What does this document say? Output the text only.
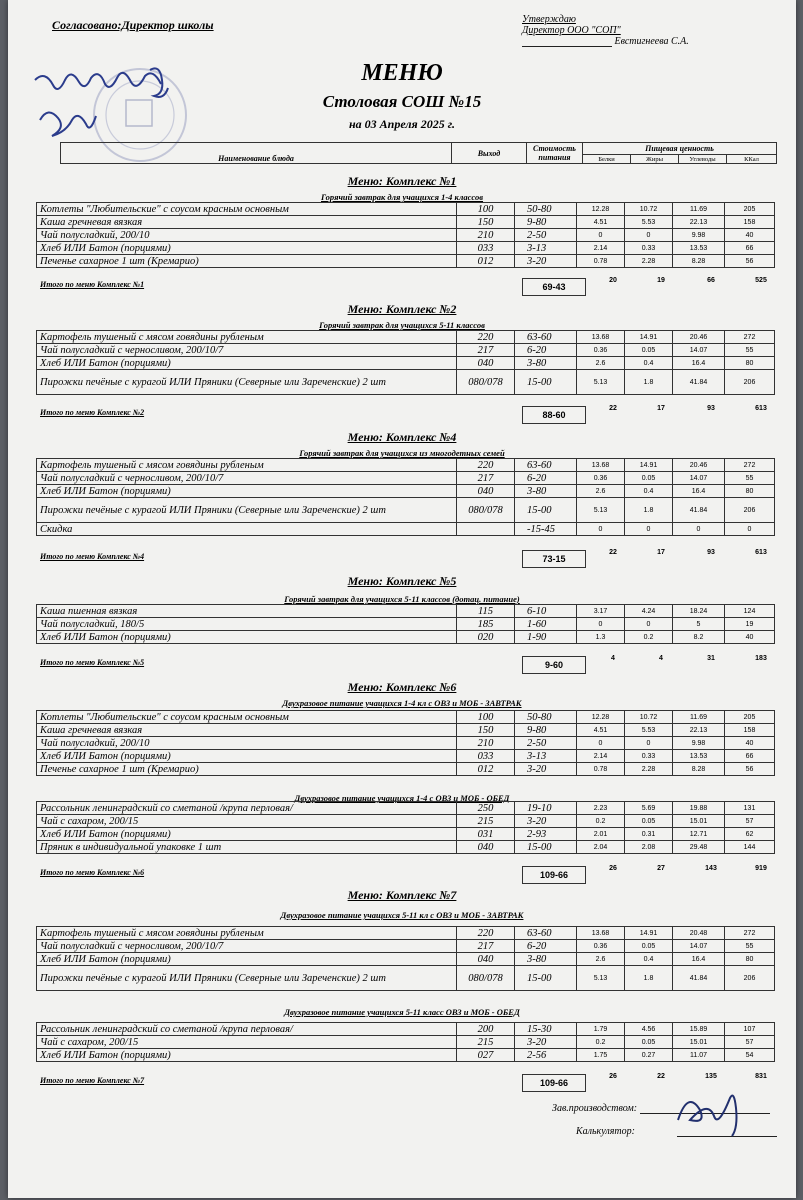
Согласовано:Директор школы	Утверждаю
Директор ООО "СОП"
Евстигнеева С.А.
МЕНЮ
Столовая СОШ №15
на 03 Апреля 2025 г.
Наименование блюда	Выход	Стоимость питания	Пищевая ценность			
			Белки	Жиры	Углеводы	ККал
Меню: Комплекс №1
Горячий завтрак для учащихся 1-4 классов
Котлеты "Любительские" с соусом красным основным	100	50-80	12.28	10.72	11.69	205
Каша гречневая вязкая	150	9-80	4.51	5.53	22.13	158
Чай полусладкий, 200/10	210	2-50	0	0	9.98	40
Хлеб ИЛИ Батон (порциями)	033	3-13	2.14	0.33	13.53	66
Печенье сахарное 1 шт (Кремарио)	012	3-20	0.78	2.28	8.28	56
Итого по меню Комплекс №1	69-43
20	19	66	525
Меню: Комплекс №2
Горячий завтрак для учащихся 5-11 классов
Картофель тушеный с мясом говядины рубленым	220	63-60	13.68	14.91	20.46	272
Чай полусладкий с черносливом, 200/10/7	217	6-20	0.36	0.05	14.07	55
Хлеб ИЛИ Батон (порциями)	040	3-80	2.6	0.4	16.4	80
Пирожки печёные с курагой ИЛИ Пряники (Северные или Зареченские) 2 шт	080/078	15-00	5.13	1.8	41.84	206
Итого по меню Комплекс №2	88-60
22	17	93	613
Меню: Комплекс №4
Горячий завтрак для учащихся из многодетных семей
Картофель тушеный с мясом говядины рубленым	220	63-60	13.68	14.91	20.46	272
Чай полусладкий с черносливом, 200/10/7	217	6-20	0.36	0.05	14.07	55
Хлеб ИЛИ Батон (порциями)	040	3-80	2.6	0.4	16.4	80
Пирожки печёные с курагой ИЛИ Пряники (Северные или Зареченские) 2 шт	080/078	15-00	5.13	1.8	41.84	206
Скидка		-15-45	0	0	0	0
Итого по меню Комплекс №4	73-15
22	17	93	613
Меню: Комплекс №5
Горячий завтрак для учащихся 5-11 классов (дотац. питание)
Каша пшенная вязкая	115	6-10	3.17	4.24	18.24	124
Чай полусладкий, 180/5	185	1-60	0	0	5	19
Хлеб ИЛИ Батон (порциями)	020	1-90	1.3	0.2	8.2	40
Итого по меню Комплекс №5	9-60
4	4	31	183
Меню: Комплекс №6
Двухразовое питание учащихся 1-4 кл с ОВЗ и МОБ - ЗАВТРАК
Котлеты "Любительские" с соусом красным основным	100	50-80	12.28	10.72	11.69	205
Каша гречневая вязкая	150	9-80	4.51	5.53	22.13	158
Чай полусладкий, 200/10	210	2-50	0	0	9.98	40
Хлеб ИЛИ Батон (порциями)	033	3-13	2.14	0.33	13.53	66
Печенье сахарное 1 шт (Кремарио)	012	3-20	0.78	2.28	8.28	56
Двухразовое питание учащихся 1-4 с ОВЗ и МОБ - ОБЕД
Рассольник ленинградский со сметаной /крупа перловая/	250	19-10	2.23	5.69	19.88	131
Чай с сахаром, 200/15	215	3-20	0.2	0.05	15.01	57
Хлеб ИЛИ Батон (порциями)	031	2-93	2.01	0.31	12.71	62
Пряник в индивидуальной упаковке 1 шт	040	15-00	2.04	2.08	29.48	144
Итого по меню Комплекс №6	109-66
26	27	143	919
Меню: Комплекс №7
Двухразовое питание учащихся 5-11 кл с ОВЗ и МОБ - ЗАВТРАК
Картофель тушеный с мясом говядины рубленым	220	63-60	13.68	14.91	20.48	272
Чай полусладкий с черносливом, 200/10/7	217	6-20	0.36	0.05	14.07	55
Хлеб ИЛИ Батон (порциями)	040	3-80	2.6	0.4	16.4	80
Пирожки печёные с курагой ИЛИ Пряники (Северные или Зареченские) 2 шт	080/078	15-00	5.13	1.8	41.84	206
Двухразовое питание учащихся 5-11 класс ОВЗ и МОБ - ОБЕД
Рассольник ленинградский со сметаной /крупа перловая/	200	15-30	1.79	4.56	15.89	107
Чай с сахаром, 200/15	215	3-20	0.2	0.05	15.01	57
Хлеб ИЛИ Батон (порциями)	027	2-56	1.75	0.27	11.07	54
Итого по меню Комплекс №7	109-66
26	22	135	831
Зав.производством:
Калькулятор:
